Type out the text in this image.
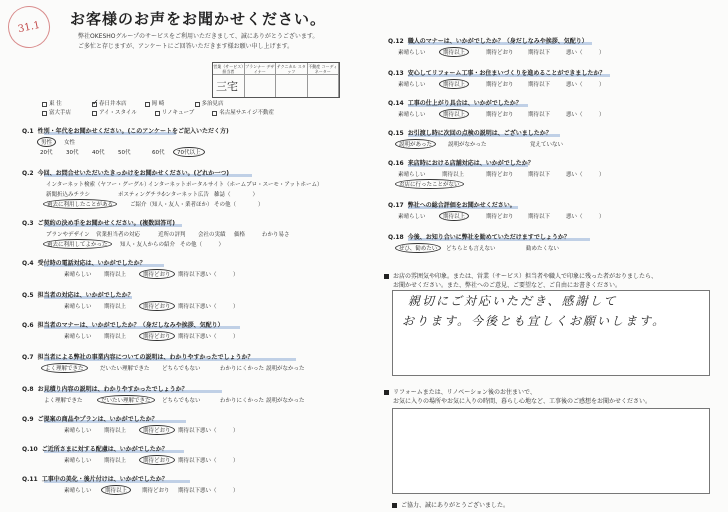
31.1	お客様のお声をお聞かせください。
弊社OKESHOグループのサービスをご利用いただきまして、誠にありがとうございます。
ご多忙と存じますが、アンケートにご回答いただきます様お願い申し上げます。
営業（サービス）担当者
プランナー デザイナー
テクニカル スタッフ
不動産 コーディネーター
三宅
東 住
✓	春日井本店	岡 崎	多治見店
富大手店	アイ・スタイル	リノキューブ	名古屋サエイジ不動産
Q.1 性別・年代をお聞かせください。(このアンケートをご記入いただく方)
男性	女性
20代 30代 40代 50代	60代	70代以上
Q.2 今回、お問合せいただいたきっかけをお聞かせください。(どれか一つ)
インターネット検索（ヤフー・グーグル）
インターネットポータルサイト（ホームプロ・スーモ・アットホーム）
新聞折込みチラシ	ポスティングチラシ
インターネット広告 雑誌（　　　　）
過去に利用したことがある	ご紹介（知人・友人・業者ほか） その他（　　　　）
Q.3 ご契約の決め手をお聞かせください。(複数回答可)
プランやデザイン 営業担当者の対応	近所の評判 会社の実績 価格	わかり易さ
過去に利用してよかった	知人・友人からの紹介 その他（　　　）
Q.4 受付時の電話対応は、いかがでしたか？
素晴らしい 期待以上	期待どおり	期待以下 悪い（　　　）
Q.5 担当者の対応は、いかがでしたか？
素晴らしい 期待以上	期待どおり	期待以下 悪い（　　　）
Q.6 担当者のマナーは、いかがでしたか？（身だしなみや挨拶、気配り）
素晴らしい 期待以上	期待どおり	期待以下 悪い（　　　）
Q.7 担当者による弊社の事業内容についての説明は、わかりやすかったでしょうか？
よく理解できた	だいたい理解できた どちらでもない	わかりにくかった 説明がなかった
Q.8 お見積り内容の説明は、わかりやすかったでしょうか？
よく理解できた	だいたい理解できた	どちらでもない	わかりにくかった 説明がなかった
Q.9 ご提案の商品やプランは、いかがでしたか？
素晴らしい 期待以上	期待どおり	期待以下 悪い（　　　）
Q.10 ご近所さまに対する配慮は、いかがでしたか？
素晴らしい 期待以上	期待どおり	期待以下 悪い（　　　）
Q.11 工事中の美化・後片付けは、いかがでしたか？
素晴らしい	期待以上	期待どおり 期待以下 悪い（　　　）
Q.12 職人のマナーは、いかがでしたか？（身だしなみや挨拶、気配り）
素晴らしい	期待以上	期待どおり	期待以下	悪い（　　　）
Q.13 安心してリフォーム工事・お住まいづくりを進めることができましたか？
素晴らしい	期待以上	期待どおり	期待以下	悪い（　　　）
Q.14 工事の仕上がり具合は、いかがでしたか？
素晴らしい	期待以上	期待どおり	期待以下	悪い（　　　）
Q.15 お引渡し時に次回の点検の説明は、ございましたか？
説明があった	説明がなかった	覚えていない
Q.16 来店時における店舗対応は、いかがでしたか？
素晴らしい	期待以上	期待どおり	期待以下	悪い（　　　）
お店に行ったことがない
Q.17 弊社への総合評価をお聞かせください。
素晴らしい	期待以上	期待どおり	期待以下	悪い（　　　）
Q.18 今後、お知り合いに弊社を勧めていただけますでしょうか？
ぜひ、勧めたい	どちらとも言えない	勧めたくない
お店の雰囲気や印象。または、営業（サービス）担当者や職人で印象に残った者がおりましたら、
お聞かせください。また、弊社へのご意見、ご要望など、ご自由にお書きください。
親切にご対応いただき、感謝して
おります。今後とも宜しくお願いします。
リフォームまたは、リノベーション後のお住まいで、
お気に入りの場所やお気に入りの時間、暮らし心地など、工事後のご感想をお聞かせください。
ご協力、誠にありがとうございました。
